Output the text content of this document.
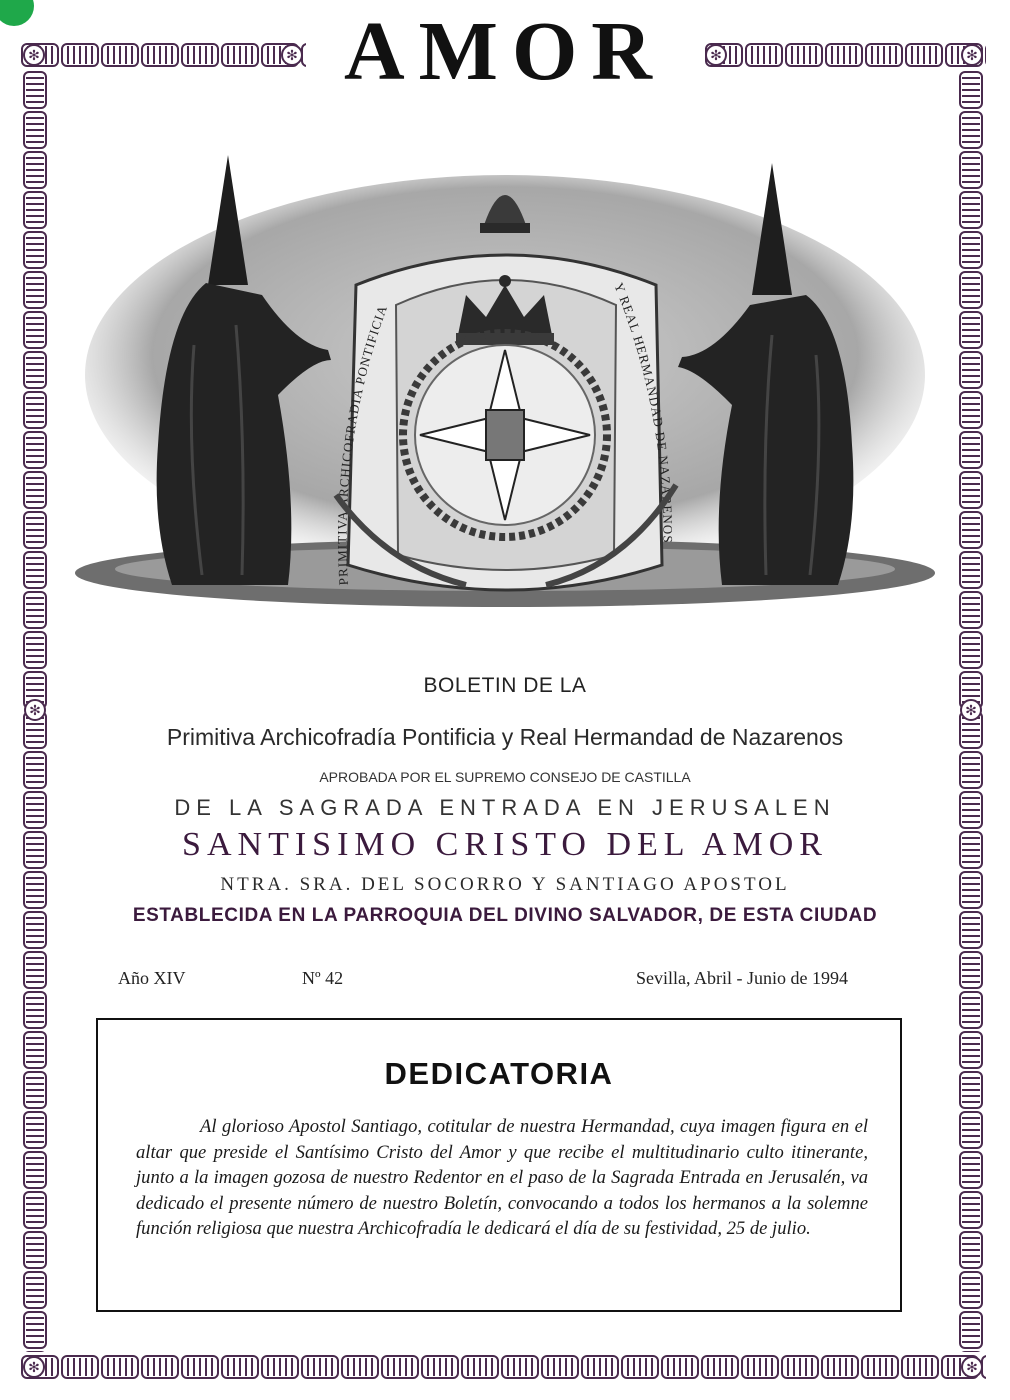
✻	✻	✻	✻
✻	✻
✻	✻
AMOR
PRIMITIVA ARCHICOFRADIA PONTIFICIA
Y REAL HERMANDAD DE NAZARENOS
BOLETIN DE LA
Primitiva Archicofradía Pontificia y Real Hermandad de Nazarenos
APROBADA POR EL SUPREMO CONSEJO DE CASTILLA
DE LA SAGRADA ENTRADA EN JERUSALEN
SANTISIMO CRISTO DEL AMOR
NTRA. SRA. DEL SOCORRO Y SANTIAGO APOSTOL
ESTABLECIDA EN LA PARROQUIA DEL DIVINO SALVADOR, DE ESTA CIUDAD
Año XIV	Nº 42	Sevilla, Abril - Junio de 1994
DEDICATORIA
Al glorioso Apostol Santiago, cotitular de nuestra Hermandad, cuya imagen figura en el altar que preside el Santísimo Cristo del Amor y que recibe el multitudinario culto itinerante, junto a la imagen gozosa de nuestro Redentor en el paso de la Sagrada Entrada en Jerusalén, va dedicado el presente número de nuestro Boletín, convocando a todos los hermanos a la solemne función religiosa que nuestra Archicofradía le dedicará el día de su festividad, 25 de julio.
